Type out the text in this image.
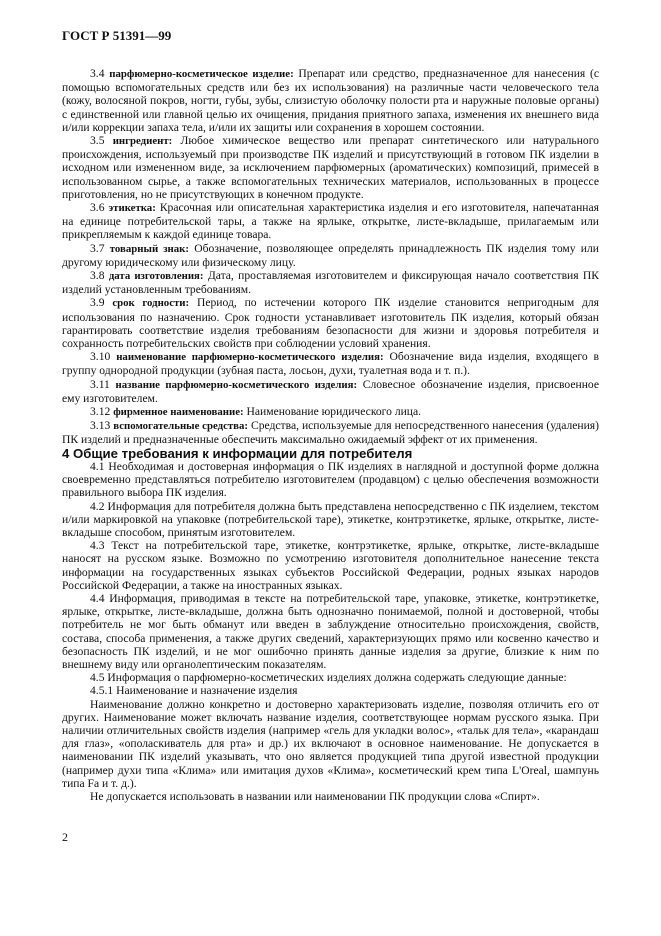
ГОСТ Р 51391—99

3.4 парфюмерно-косметическое изделие: Препарат или средство, предназначенное для нанесения (с помощью вспомогательных средств или без их использования) на различные части человеческого тела (кожу, волосяной покров, ногти, губы, зубы, слизистую оболочку полости рта и наружные половые органы) с единственной или главной целью их очищения, придания приятного запаха, изменения их внешнего вида и/или коррекции запаха тела, и/или их защиты или сохранения в хорошем состоянии.

3.5 ингредиент: Любое химическое вещество или препарат синтетического или натурального происхождения, используемый при производстве ПК изделий и присутствующий в готовом ПК изделии в исходном или измененном виде, за исключением парфюмерных (ароматических) композиций, примесей в использованном сырье, а также вспомогательных технических материалов, использованных в процессе приготовления, но не присутствующих в конечном продукте.

3.6 этикетка: Красочная или описательная характеристика изделия и его изготовителя, напечатанная на единице потребительской тары, а также на ярлыке, открытке, листе-вкладыше, прилагаемым или прикрепляемым к каждой единице товара.

3.7 товарный знак: Обозначение, позволяющее определять принадлежность ПК изделия тому или другому юридическому или физическому лицу.

3.8 дата изготовления: Дата, проставляемая изготовителем и фиксирующая начало соответствия ПК изделий установленным требованиям.

3.9 срок годности: Период, по истечении которого ПК изделие становится непригодным для использования по назначению. Срок годности устанавливает изготовитель ПК изделия, который обязан гарантировать соответствие изделия требованиям безопасности для жизни и здоровья потребителя и сохранность потребительских свойств при соблюдении условий хранения.

3.10 наименование парфюмерно-косметического изделия: Обозначение вида изделия, входящего в группу однородной продукции (зубная паста, лосьон, духи, туалетная вода и т. п.).

3.11 название парфюмерно-косметического изделия: Словесное обозначение изделия, присвоенное ему изготовителем.

3.12 фирменное наименование: Наименование юридического лица.

3.13 вспомогательные средства: Средства, используемые для непосредственного нанесения (удаления) ПК изделий и предназначенные обеспечить максимально ожидаемый эффект от их применения.

4 Общие требования к информации для потребителя

4.1 Необходимая и достоверная информация о ПК изделиях в наглядной и доступной форме должна своевременно представляться потребителю изготовителем (продавцом) с целью обеспечения возможности правильного выбора ПК изделия.

4.2 Информация для потребителя должна быть представлена непосредственно с ПК изделием, текстом и/или маркировкой на упаковке (потребительской таре), этикетке, контрэтикетке, ярлыке, открытке, листе-вкладыше способом, принятым изготовителем.

4.3 Текст на потребительской таре, этикетке, контрэтикетке, ярлыке, открытке, листе-вкладыше наносят на русском языке. Возможно по усмотрению изготовителя дополнительное нанесение текста информации на государственных языках субъектов Российской Федерации, родных языках народов Российской Федерации, а также на иностранных языках.

4.4 Информация, приводимая в тексте на потребительской таре, упаковке, этикетке, контрэтикетке, ярлыке, открытке, листе-вкладыше, должна быть однозначно понимаемой, полной и достоверной, чтобы потребитель не мог быть обманут или введен в заблуждение относительно происхождения, свойств, состава, способа применения, а также других сведений, характеризующих прямо или косвенно качество и безопасность ПК изделий, и не мог ошибочно принять данные изделия за другие, близкие к ним по внешнему виду или органолептическим показателям.

4.5 Информация о парфюмерно-косметических изделиях должна содержать следующие данные:

4.5.1 Наименование и назначение изделия

Наименование должно конкретно и достоверно характеризовать изделие, позволяя отличить его от других. Наименование может включать название изделия, соответствующее нормам русского языка. При наличии отличительных свойств изделия (например «гель для укладки волос», «тальк для тела», «карандаш для глаз», «ополаскиватель для рта» и др.) их включают в основное наименование. Не допускается в наименовании ПК изделий указывать, что оно является продукцией типа другой известной продукции (например духи типа «Клима» или имитация духов «Клима», косметический крем типа L'Oreal, шампунь типа Fa и т. д.).

Не допускается использовать в названии или наименовании ПК продукции слова «Спирт».

2
